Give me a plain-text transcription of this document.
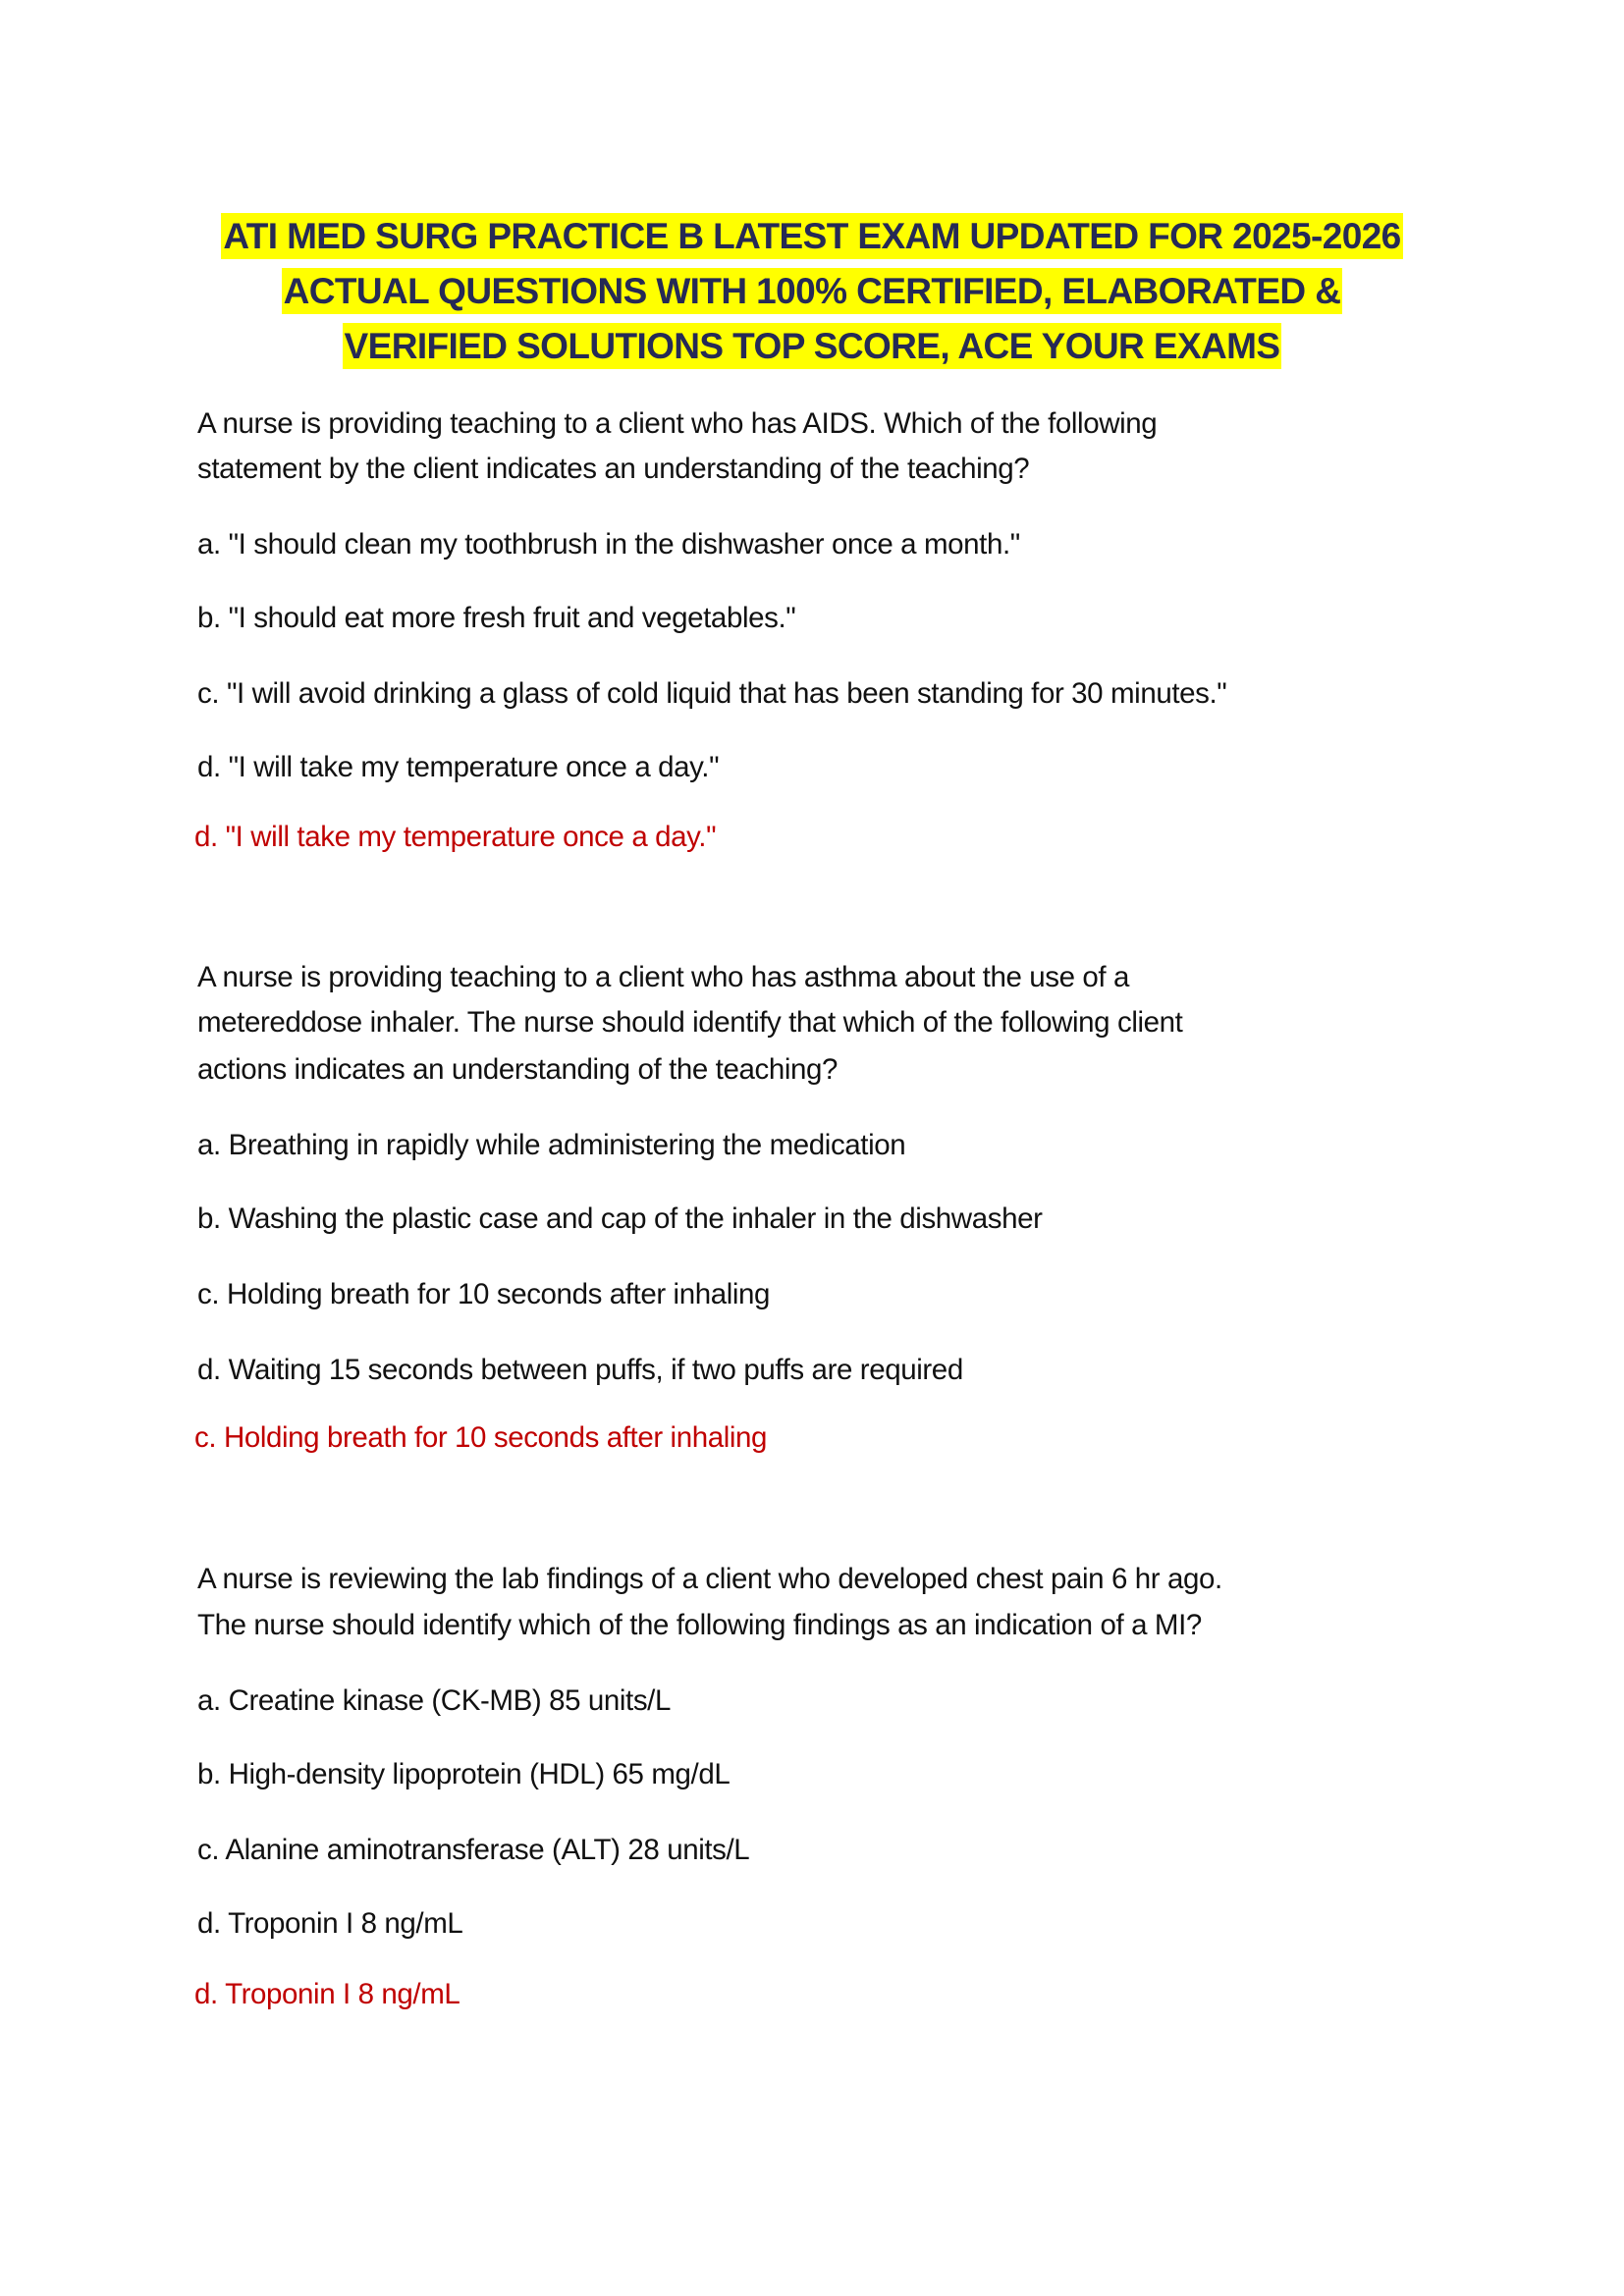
ATI MED SURG PRACTICE B LATEST EXAM UPDATED FOR 2025-2026
ACTUAL QUESTIONS WITH 100% CERTIFIED, ELABORATED &
VERIFIED SOLUTIONS TOP SCORE, ACE YOUR EXAMS
A nurse is providing teaching to a client who has AIDS. Which of the following
statement by the client indicates an understanding of the teaching?
a. "I should clean my toothbrush in the dishwasher once a month."
b. "I should eat more fresh fruit and vegetables."
c. "I will avoid drinking a glass of cold liquid that has been standing for 30 minutes."
d. "I will take my temperature once a day."
d. "I will take my temperature once a day."
A nurse is providing teaching to a client who has asthma about the use of a
metereddose inhaler. The nurse should identify that which of the following client
actions indicates an understanding of the teaching?
a. Breathing in rapidly while administering the medication
b. Washing the plastic case and cap of the inhaler in the dishwasher
c. Holding breath for 10 seconds after inhaling
d. Waiting 15 seconds between puffs, if two puffs are required
c. Holding breath for 10 seconds after inhaling
A nurse is reviewing the lab findings of a client who developed chest pain 6 hr ago.
The nurse should identify which of the following findings as an indication of a MI?
a. Creatine kinase (CK-MB) 85 units/L
b. High-density lipoprotein (HDL) 65 mg/dL
c. Alanine aminotransferase (ALT) 28 units/L
d. Troponin I 8 ng/mL
d. Troponin I 8 ng/mL
